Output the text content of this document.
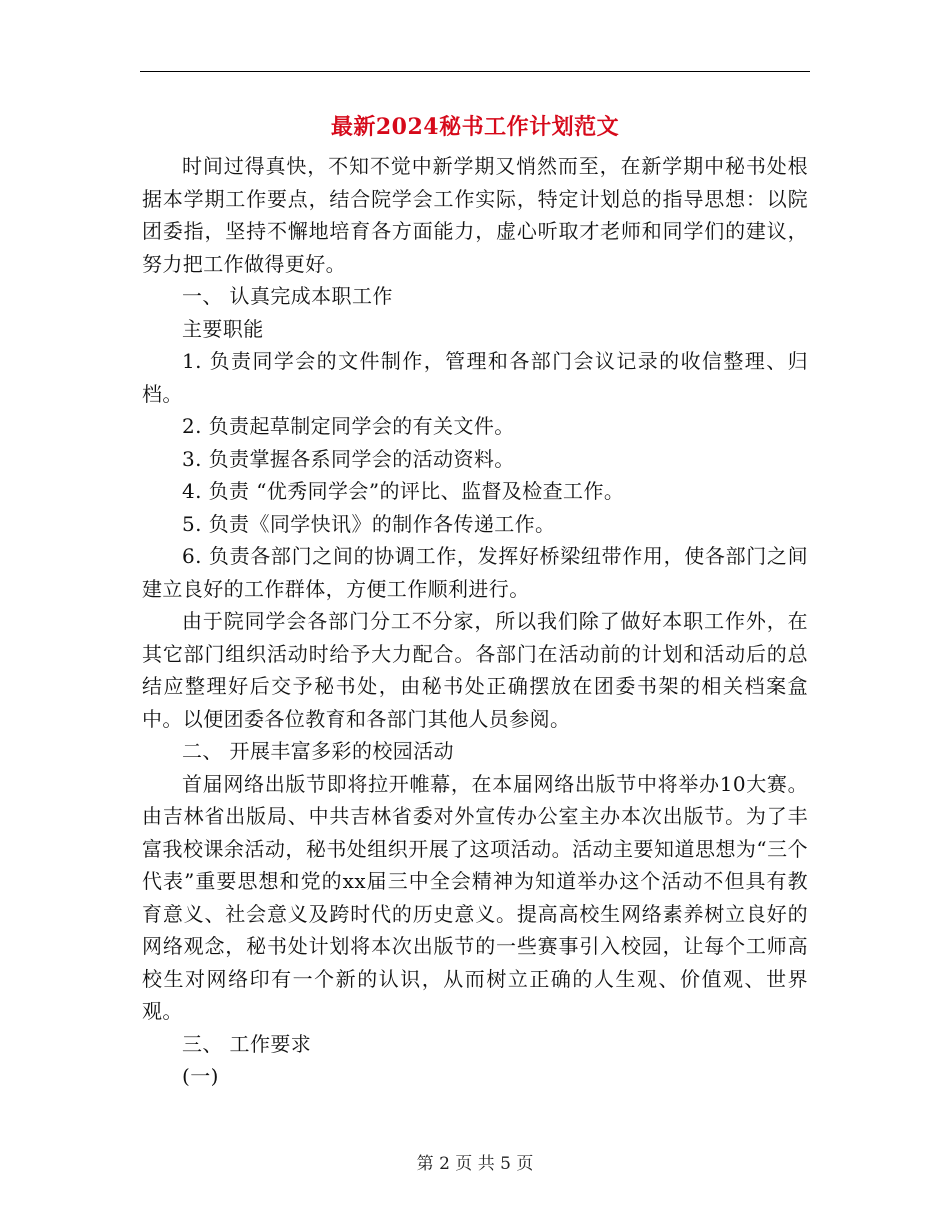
最新2024秘书工作计划范文

时间过得真快，不知不觉中新学期又悄然而至，在新学期中秘书处根据本学期工作要点，结合院学会工作实际，特定计划总的指导思想：以院团委指，坚持不懈地培育各方面能力，虚心听取才老师和同学们的建议，努力把工作做得更好。

一、 认真完成本职工作

主要职能

1. 负责同学会的文件制作，管理和各部门会议记录的收信整理、归档。

2. 负责起草制定同学会的有关文件。

3. 负责掌握各系同学会的活动资料。

4. 负责 “优秀同学会”的评比、监督及检查工作。

5. 负责《同学快讯》的制作各传递工作。

6. 负责各部门之间的协调工作，发挥好桥梁纽带作用，使各部门之间建立良好的工作群体，方便工作顺利进行。

由于院同学会各部门分工不分家，所以我们除了做好本职工作外，在其它部门组织活动时给予大力配合。各部门在活动前的计划和活动后的总结应整理好后交予秘书处，由秘书处正确摆放在团委书架的相关档案盒中。以便团委各位教育和各部门其他人员参阅。

二、 开展丰富多彩的校园活动

首届网络出版节即将拉开帷幕，在本届网络出版节中将举办10大赛。由吉林省出版局、中共吉林省委对外宣传办公室主办本次出版节。为了丰富我校课余活动，秘书处组织开展了这项活动。活动主要知道思想为“三个代表”重要思想和党的xx届三中全会精神为知道举办这个活动不但具有教育意义、社会意义及跨时代的历史意义。提高高校生网络素养树立良好的网络观念，秘书处计划将本次出版节的一些赛事引入校园，让每个工师高校生对网络印有一个新的认识，从而树立正确的人生观、价值观、世界观。

三、 工作要求

(一)

第 2 页 共 5 页
